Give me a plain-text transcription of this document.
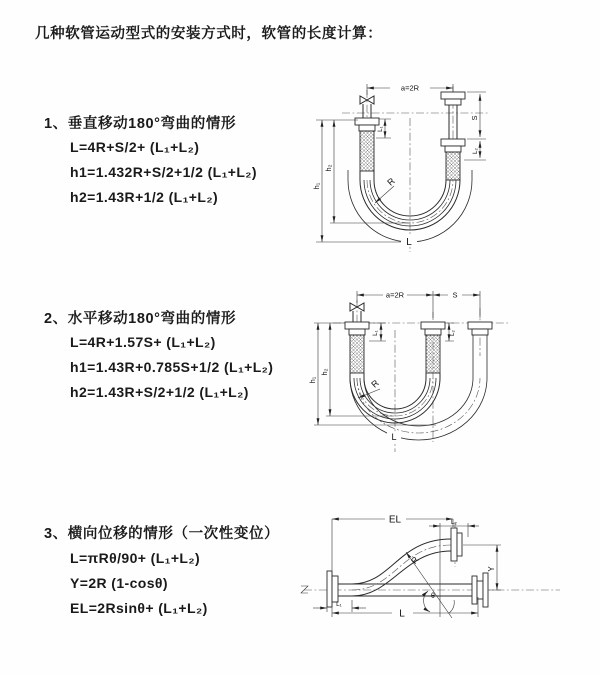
几种软管运动型式的安装方式时，软管的长度计算：
1、垂直移动180°弯曲的情形
L=4R+S/2+ (L₁+L₂)
h1=1.432R+S/2+1/2 (L₁+L₂)
h2=1.43R+1/2 (L₁+L₂)
2、水平移动180°弯曲的情形
L=4R+1.57S+ (L₁+L₂)
h1=1.43R+0.785S+1/2 (L₁+L₂)
h2=1.43R+S/2+1/2 (L₁+L₂)
3、横向位移的情形（一次性变位）
L=πRθ/90+ (L₁+L₂)
Y=2R (1-cosθ)
EL=2Rsinθ+ (L₁+L₂)
a=2R
h₁
h₂
L₁
S
L₂
R
L
a=2R	S
h₁
h₂
L₁	L₂
R
L
θ
R
EL	L₂
Y
L
L₁
